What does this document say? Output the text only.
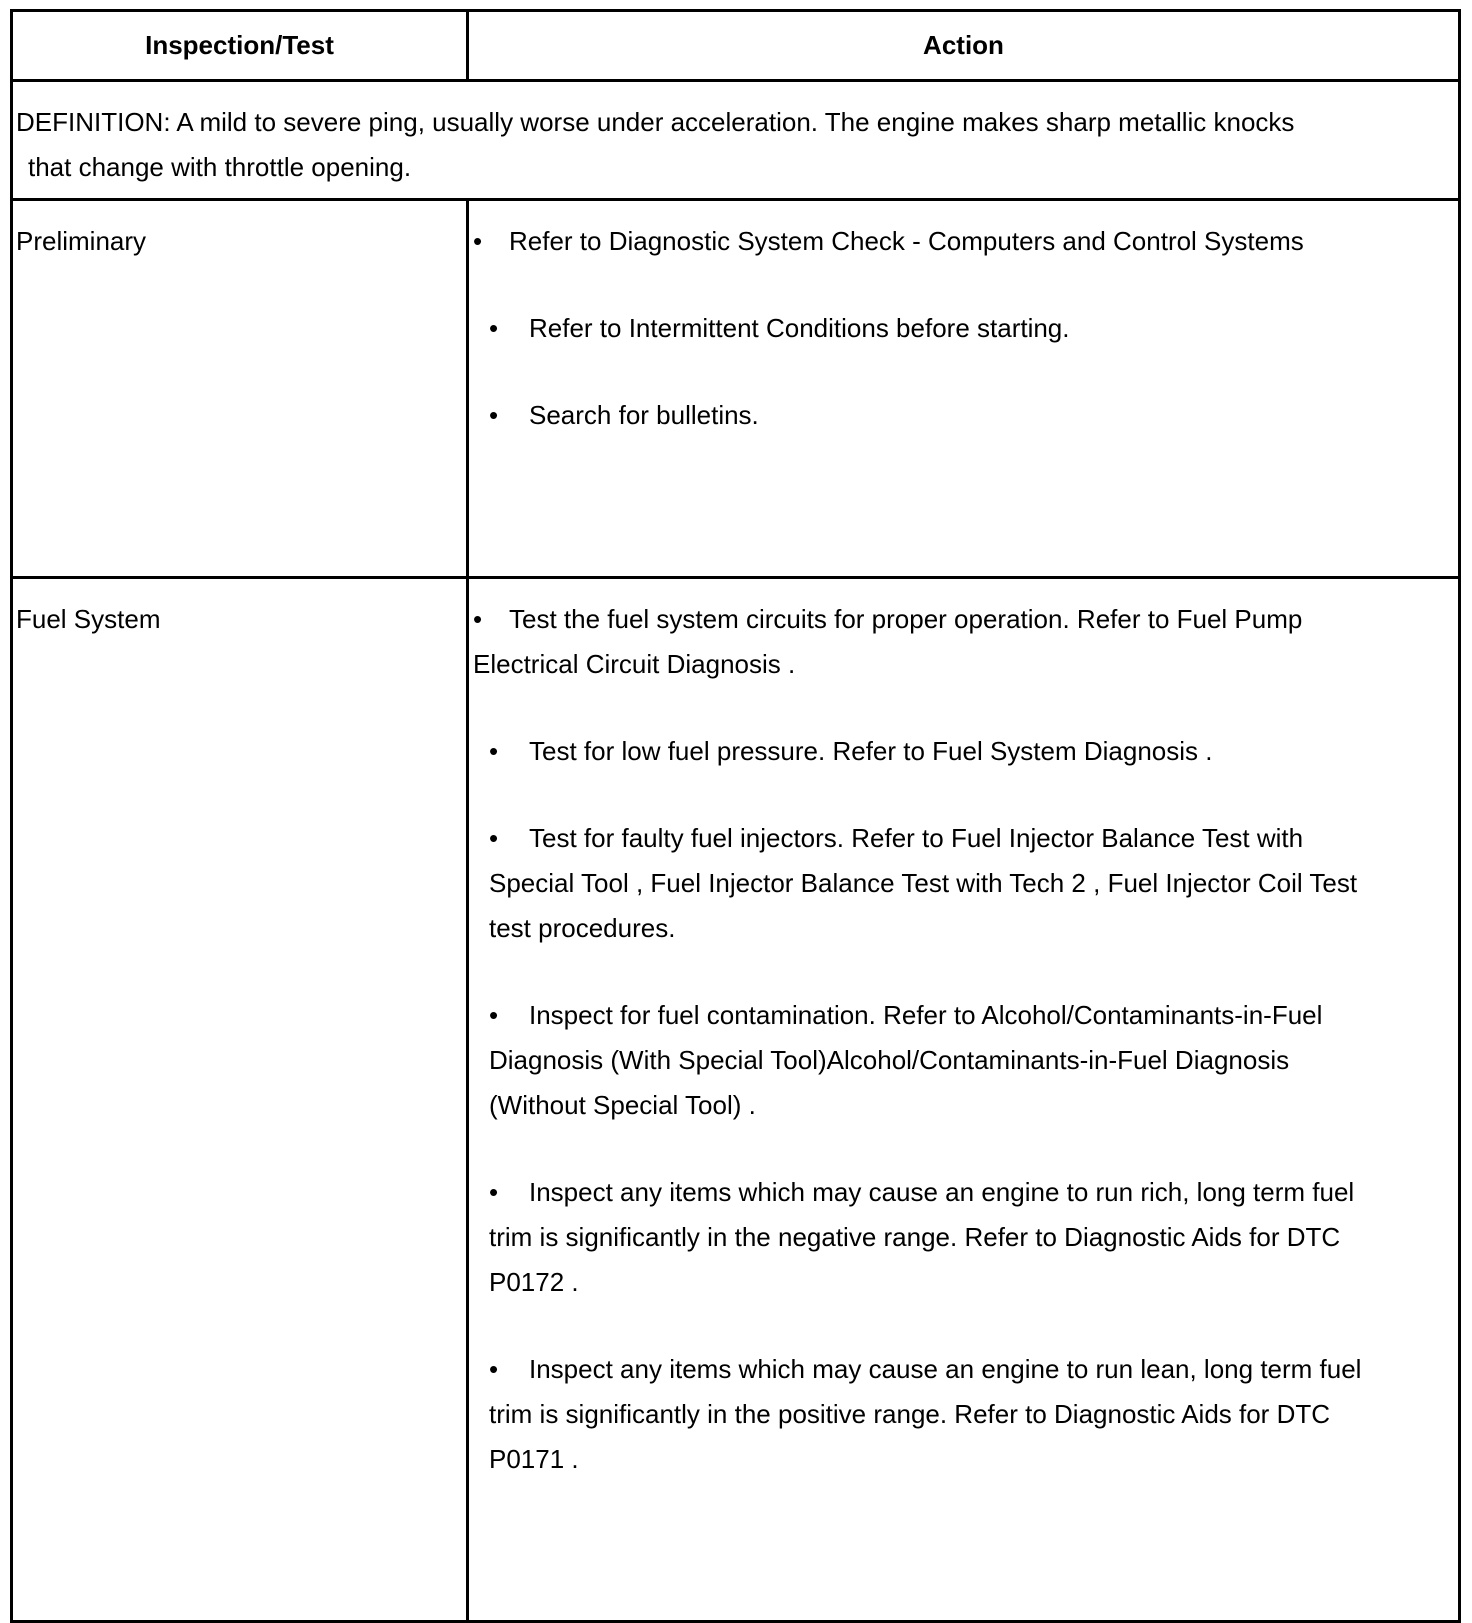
Inspection/Test	Action
DEFINITION: A mild to severe ping, usually worse under acceleration. The engine makes sharp metallic knocks
that change with throttle opening.
Preliminary	• Refer to Diagnostic System Check - Computers and Control Systems
• Refer to Intermittent Conditions before starting.
• Search for bulletins.
Fuel System	• Test the fuel system circuits for proper operation. Refer to Fuel Pump Electrical Circuit Diagnosis .
• Test for low fuel pressure. Refer to Fuel System Diagnosis .
• Test for faulty fuel injectors. Refer to Fuel Injector Balance Test with Special Tool , Fuel Injector Balance Test with Tech 2 , Fuel Injector Coil Test test procedures.
• Inspect for fuel contamination. Refer to Alcohol/Contaminants-in-Fuel Diagnosis (With Special Tool)Alcohol/Contaminants-in-Fuel Diagnosis (Without Special Tool) .
• Inspect any items which may cause an engine to run rich, long term fuel trim is significantly in the negative range. Refer to Diagnostic Aids for DTC P0172 .
• Inspect any items which may cause an engine to run lean, long term fuel trim is significantly in the positive range. Refer to Diagnostic Aids for DTC P0171 .
